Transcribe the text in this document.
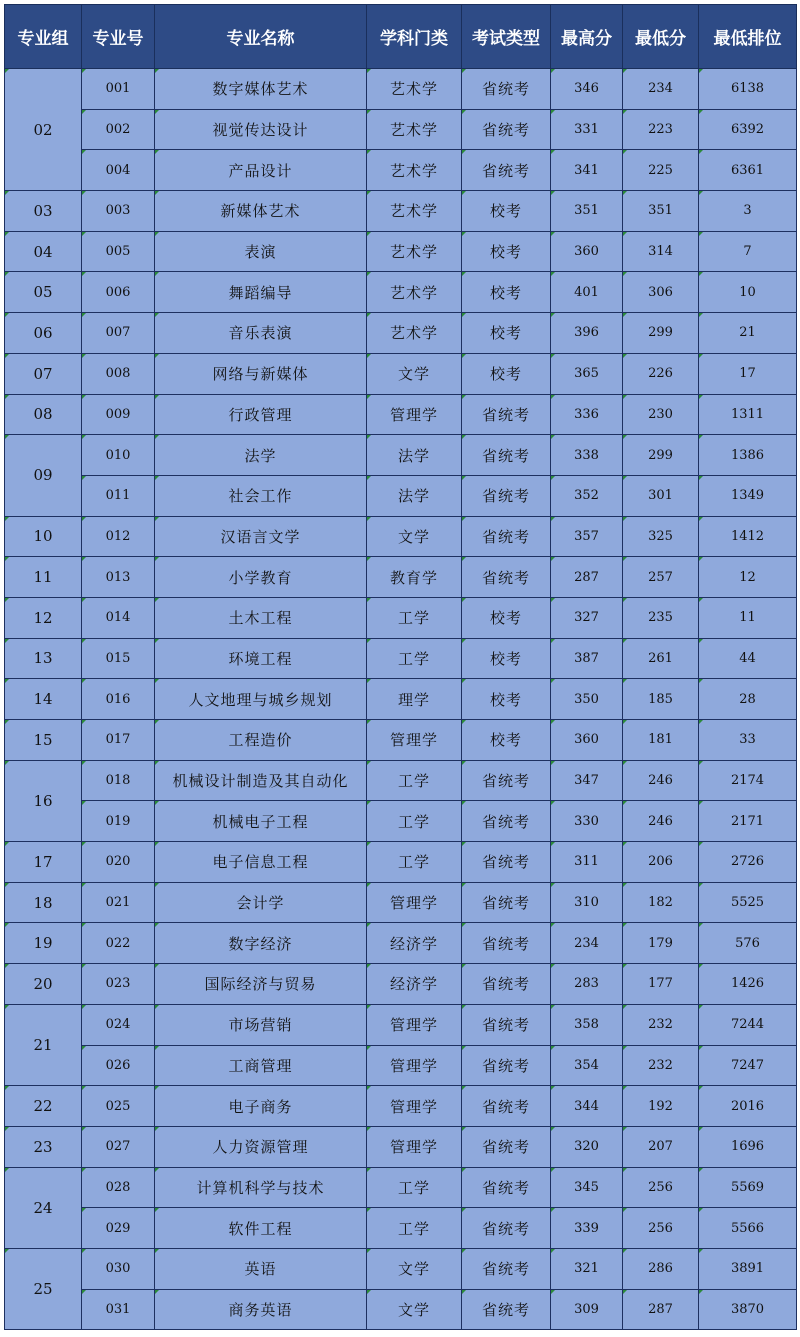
专业组	专业号	专业名称	学科门类	考试类型	最高分	最低分	最低排位
02	001	数字媒体艺术	艺术学	省统考	346	234	6138
	002	视觉传达设计	艺术学	省统考	331	223	6392
	004	产品设计	艺术学	省统考	341	225	6361
03	003	新媒体艺术	艺术学	校考	351	351	3
04	005	表演	艺术学	校考	360	314	7
05	006	舞蹈编导	艺术学	校考	401	306	10
06	007	音乐表演	艺术学	校考	396	299	21
07	008	网络与新媒体	文学	校考	365	226	17
08	009	行政管理	管理学	省统考	336	230	1311
09	010	法学	法学	省统考	338	299	1386
	011	社会工作	法学	省统考	352	301	1349
10	012	汉语言文学	文学	省统考	357	325	1412
11	013	小学教育	教育学	省统考	287	257	12
12	014	土木工程	工学	校考	327	235	11
13	015	环境工程	工学	校考	387	261	44
14	016	人文地理与城乡规划	理学	校考	350	185	28
15	017	工程造价	管理学	校考	360	181	33
16	018	机械设计制造及其自动化	工学	省统考	347	246	2174
	019	机械电子工程	工学	省统考	330	246	2171
17	020	电子信息工程	工学	省统考	311	206	2726
18	021	会计学	管理学	省统考	310	182	5525
19	022	数字经济	经济学	省统考	234	179	576
20	023	国际经济与贸易	经济学	省统考	283	177	1426
21	024	市场营销	管理学	省统考	358	232	7244
	026	工商管理	管理学	省统考	354	232	7247
22	025	电子商务	管理学	省统考	344	192	2016
23	027	人力资源管理	管理学	省统考	320	207	1696
24	028	计算机科学与技术	工学	省统考	345	256	5569
	029	软件工程	工学	省统考	339	256	5566
25	030	英语	文学	省统考	321	286	3891
	031	商务英语	文学	省统考	309	287	3870
